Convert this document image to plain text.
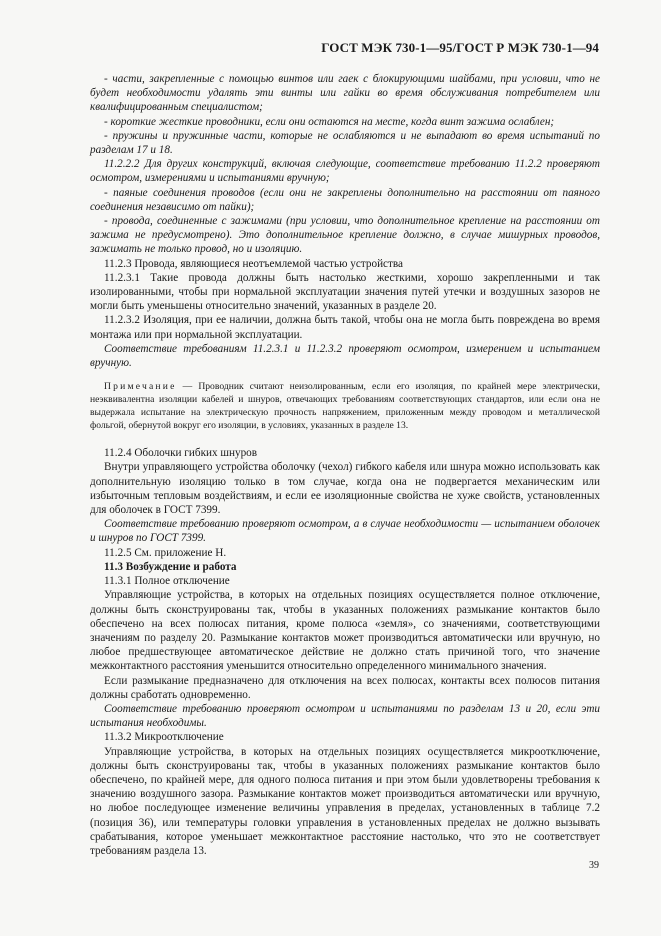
ГОСТ МЭК 730-1—95/ГОСТ Р МЭК 730-1—94

- части, закрепленные с помощью винтов или гаек с блокирующими шайбами, при условии, что не будет необходимости удалять эти винты или гайки во время обслуживания потребителем или квалифицированным специалистом;

- короткие жесткие проводники, если они остаются на месте, когда винт зажима ослаблен;

- пружины и пружинные части, которые не ослабляются и не выпадают во время испытаний по разделам 17 и 18.

11.2.2.2 Для других конструкций, включая следующие, соответствие требованию 11.2.2 проверяют осмотром, измерениями и испытаниями вручную;

- паяные соединения проводов (если они не закреплены дополнительно на расстоянии от паяного соединения независимо от пайки);

- провода, соединенные с зажимами (при условии, что дополнительное крепление на расстоянии от зажима не предусмотрено). Это дополнительное крепление должно, в случае мишурных проводов, зажимать не только провод, но и изоляцию.

11.2.3 Провода, являющиеся неотъемлемой частью устройства

11.2.3.1 Такие провода должны быть настолько жесткими, хорошо закрепленными и так изолированными, чтобы при нормальной эксплуатации значения путей утечки и воздушных зазоров не могли быть уменьшены относительно значений, указанных в разделе 20.

11.2.3.2 Изоляция, при ее наличии, должна быть такой, чтобы она не могла быть повреждена во время монтажа или при нормальной эксплуатации.

Соответствие требованиям 11.2.3.1 и 11.2.3.2 проверяют осмотром, измерением и испытанием вручную.

Примечание — Проводник считают неизолированным, если его изоляция, по крайней мере электрически, неэквивалентна изоляции кабелей и шнуров, отвечающих требованиям соответствующих стандартов, или если она не выдержала испытание на электрическую прочность напряжением, приложенным между проводом и металлической фольгой, обернутой вокруг его изоляции, в условиях, указанных в разделе 13.

11.2.4 Оболочки гибких шнуров

Внутри управляющего устройства оболочку (чехол) гибкого кабеля или шнура можно использовать как дополнительную изоляцию только в том случае, когда она не подвергается механическим или избыточным тепловым воздействиям, и если ее изоляционные свойства не хуже свойств, установленных для оболочек в ГОСТ 7399.

Соответствие требованию проверяют осмотром, а в случае необходимости — испытанием оболочек и шнуров по ГОСТ 7399.

11.2.5 См. приложение Н.

11.3 Возбуждение и работа

11.3.1 Полное отключение

Управляющие устройства, в которых на отдельных позициях осуществляется полное отключение, должны быть сконструированы так, чтобы в указанных положениях размыкание контактов было обеспечено на всех полюсах питания, кроме полюса «земля», со значениями, соответствующими значениям по разделу 20. Размыкание контактов может производиться автоматически или вручную, но любое предшествующее автоматическое действие не должно стать причиной того, что значение межконтактного расстояния уменьшится относительно определенного минимального значения.

Если размыкание предназначено для отключения на всех полюсах, контакты всех полюсов питания должны сработать одновременно.

Соответствие требованию проверяют осмотром и испытаниями по разделам 13 и 20, если эти испытания необходимы.

11.3.2 Микроотключение

Управляющие устройства, в которых на отдельных позициях осуществляется микроотключение, должны быть сконструированы так, чтобы в указанных положениях размыкание контактов было обеспечено, по крайней мере, для одного полюса питания и при этом были удовлетворены требования к значению воздушного зазора. Размыкание контактов может производиться автоматически или вручную, но любое последующее изменение величины управления в пределах, установленных в таблице 7.2 (позиция 36), или температуры головки управления в установленных пределах не должно вызывать срабатывания, которое уменьшает межконтактное расстояние настолько, что это не соответствует требованиям раздела 13.

39
